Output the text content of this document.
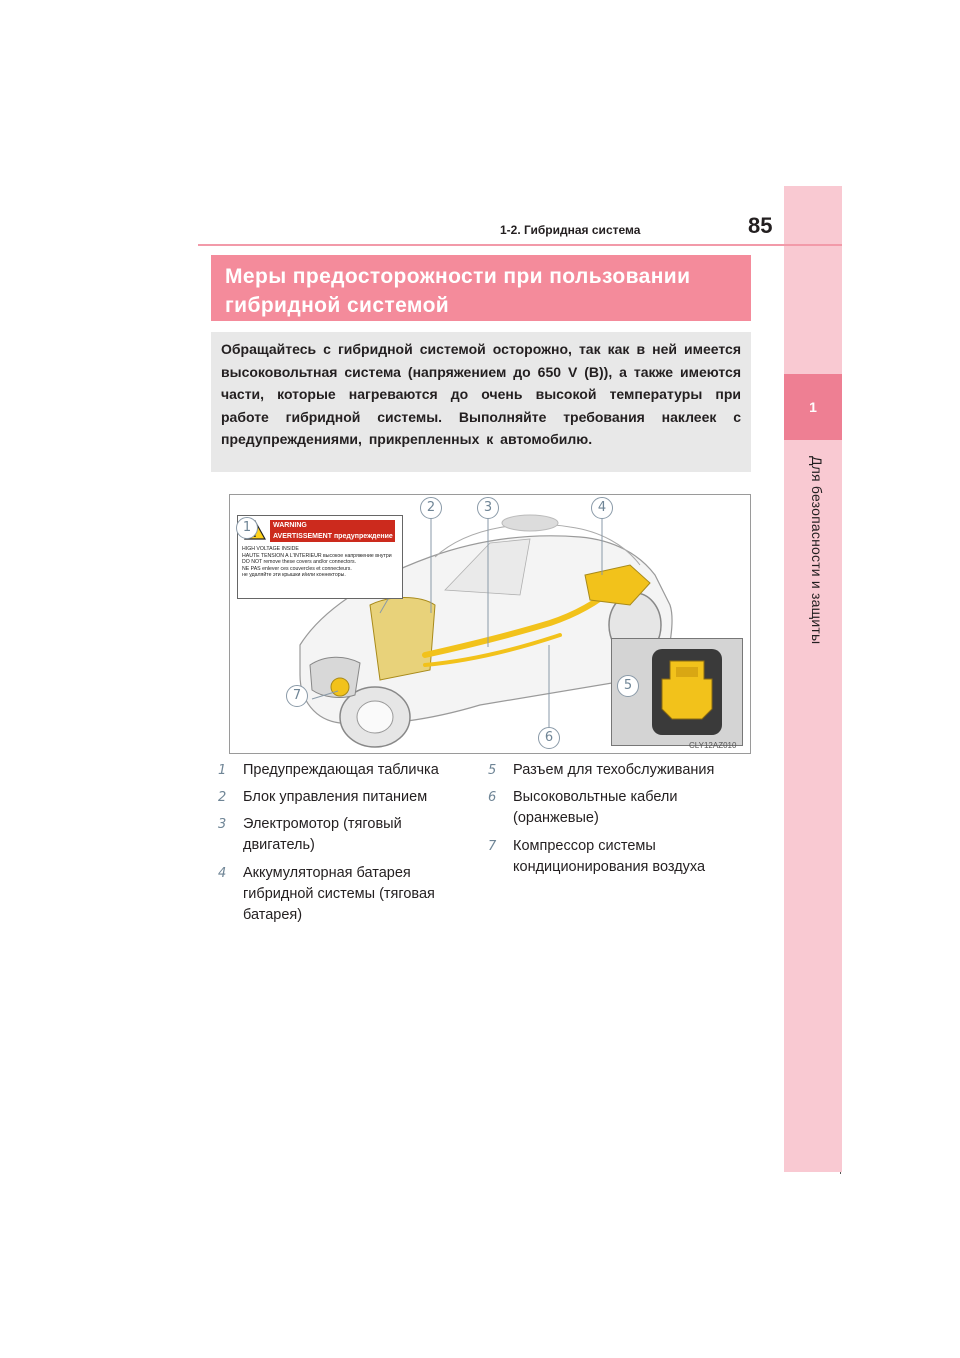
1
Для безопасности и защиты
1-2. Гибридная система	85
Меры предосторожности при пользовании
гибридной системой
Обращайтесь с гибридной системой осторожно, так как в ней имеется высоковольтная система (напряжением до 650 V (В)), а также имеются части, которые нагреваются до очень высокой температуры при работе гибридной системы. Выполняйте требования наклеек с предупреждениями, прикрепленных к автомобилю.
WARNING
AVERTISSEMENT предупреждение
HIGH VOLTAGE INSIDE
HAUTE TENSION A L'INTERIEUR высокое напряжение внутри
DO NOT remove these covers and/or connectors.
NE PAS enlever ces couvercles et connecteurs.
не удаляйте эти крышки и/или коннекторы.
1
2	3	4
5
6
7
CLY12AZ010
1 Предупреждающая табличка
2 Блок управления питанием
3 Электромотор (тяговый двигатель)
4 Аккумуляторная батарея гибридной системы (тяговая батарея)
5 Разъем для техобслуживания
6 Высоковольтные кабели (оранжевые)
7 Компрессор системы кондиционирования воздуха
